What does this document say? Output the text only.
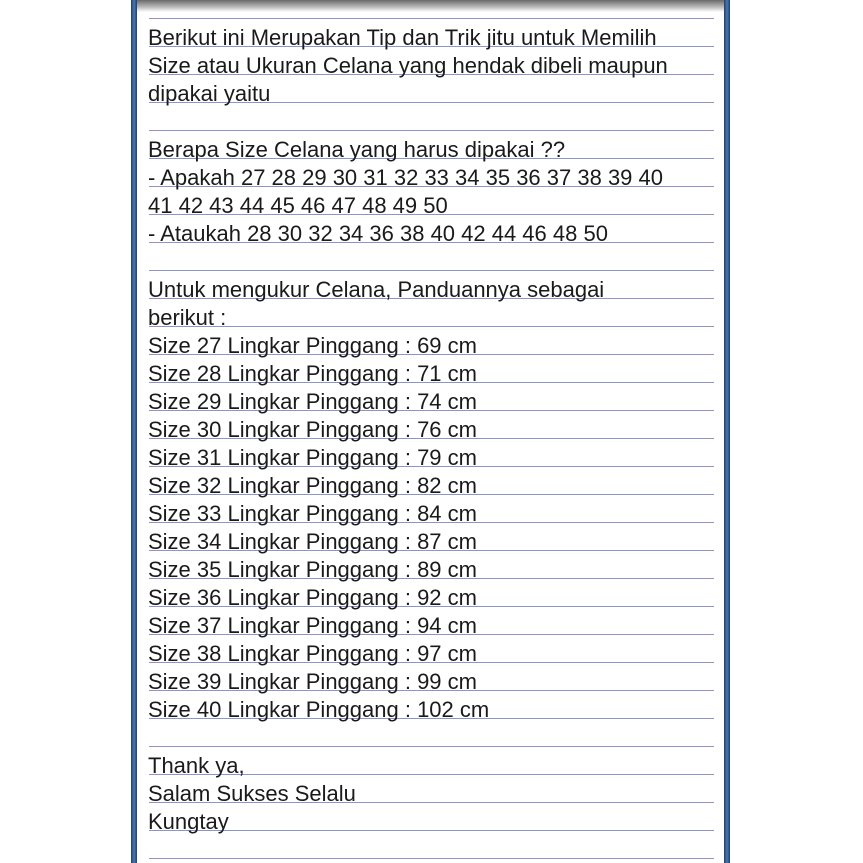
Berikut ini Merupakan Tip dan Trik jitu untuk Memilih
Size atau Ukuran Celana yang hendak dibeli maupun
dipakai yaitu
Berapa Size Celana yang harus dipakai ??
- Apakah 27 28 29 30 31 32 33 34 35 36 37 38 39 40
41 42 43 44 45 46 47 48 49 50
- Ataukah 28 30 32 34 36 38 40 42 44 46 48 50
Untuk mengukur Celana, Panduannya sebagai
berikut :
Size 27 Lingkar Pinggang : 69 cm
Size 28 Lingkar Pinggang : 71 cm
Size 29 Lingkar Pinggang : 74 cm
Size 30 Lingkar Pinggang : 76 cm
Size 31 Lingkar Pinggang : 79 cm
Size 32 Lingkar Pinggang : 82 cm
Size 33 Lingkar Pinggang : 84 cm
Size 34 Lingkar Pinggang : 87 cm
Size 35 Lingkar Pinggang : 89 cm
Size 36 Lingkar Pinggang : 92 cm
Size 37 Lingkar Pinggang : 94 cm
Size 38 Lingkar Pinggang : 97 cm
Size 39 Lingkar Pinggang : 99 cm
Size 40 Lingkar Pinggang : 102 cm
Thank ya,
Salam Sukses Selalu
Kungtay
